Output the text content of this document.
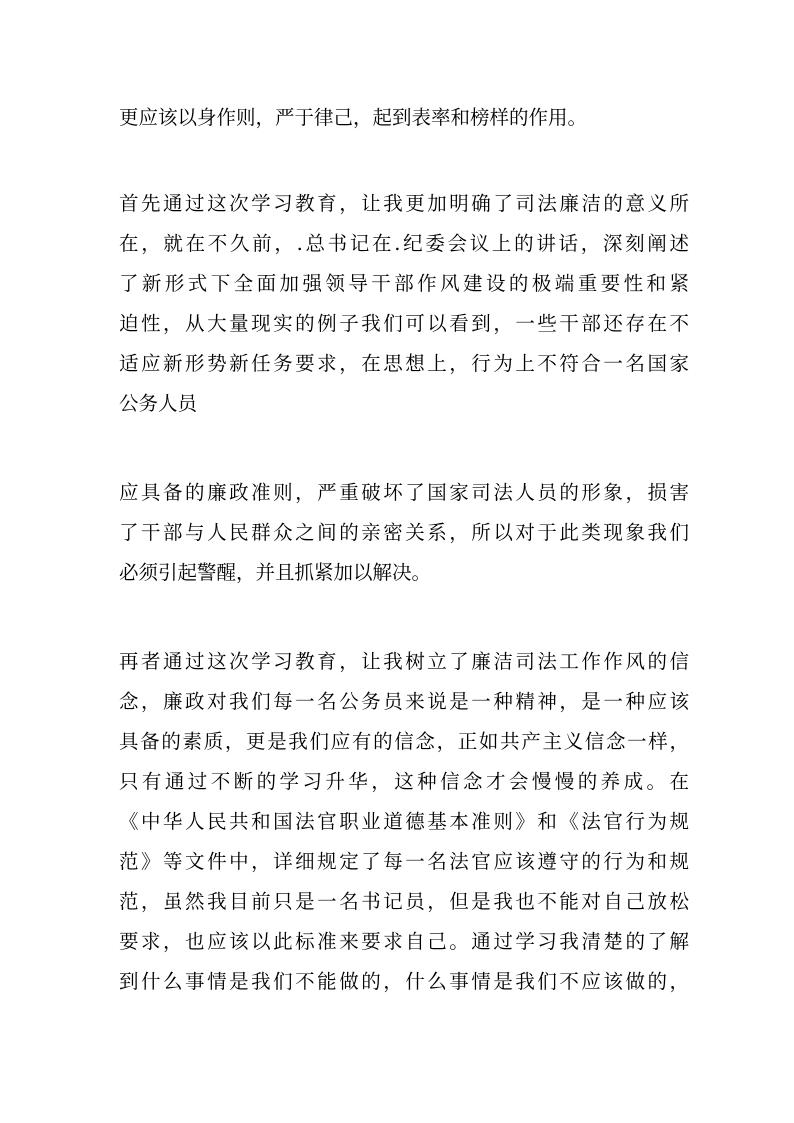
更应该以身作则，严于律己，起到表率和榜样的作用。
首先通过这次学习教育，让我更加明确了司法廉洁的意义所
在，就在不久前，.总书记在.纪委会议上的讲话，深刻阐述
了新形式下全面加强领导干部作风建设的极端重要性和紧
迫性，从大量现实的例子我们可以看到，一些干部还存在不
适应新形势新任务要求，在思想上，行为上不符合一名国家
公务人员
应具备的廉政准则，严重破坏了国家司法人员的形象，损害
了干部与人民群众之间的亲密关系，所以对于此类现象我们
必须引起警醒，并且抓紧加以解决。
再者通过这次学习教育，让我树立了廉洁司法工作作风的信
念，廉政对我们每一名公务员来说是一种精神，是一种应该
具备的素质，更是我们应有的信念，正如共产主义信念一样，
只有通过不断的学习升华，这种信念才会慢慢的养成。在
《中华人民共和国法官职业道德基本准则》和《法官行为规
范》等文件中，详细规定了每一名法官应该遵守的行为和规
范，虽然我目前只是一名书记员，但是我也不能对自己放松
要求，也应该以此标准来要求自己。通过学习我清楚的了解
到什么事情是我们不能做的，什么事情是我们不应该做的，
